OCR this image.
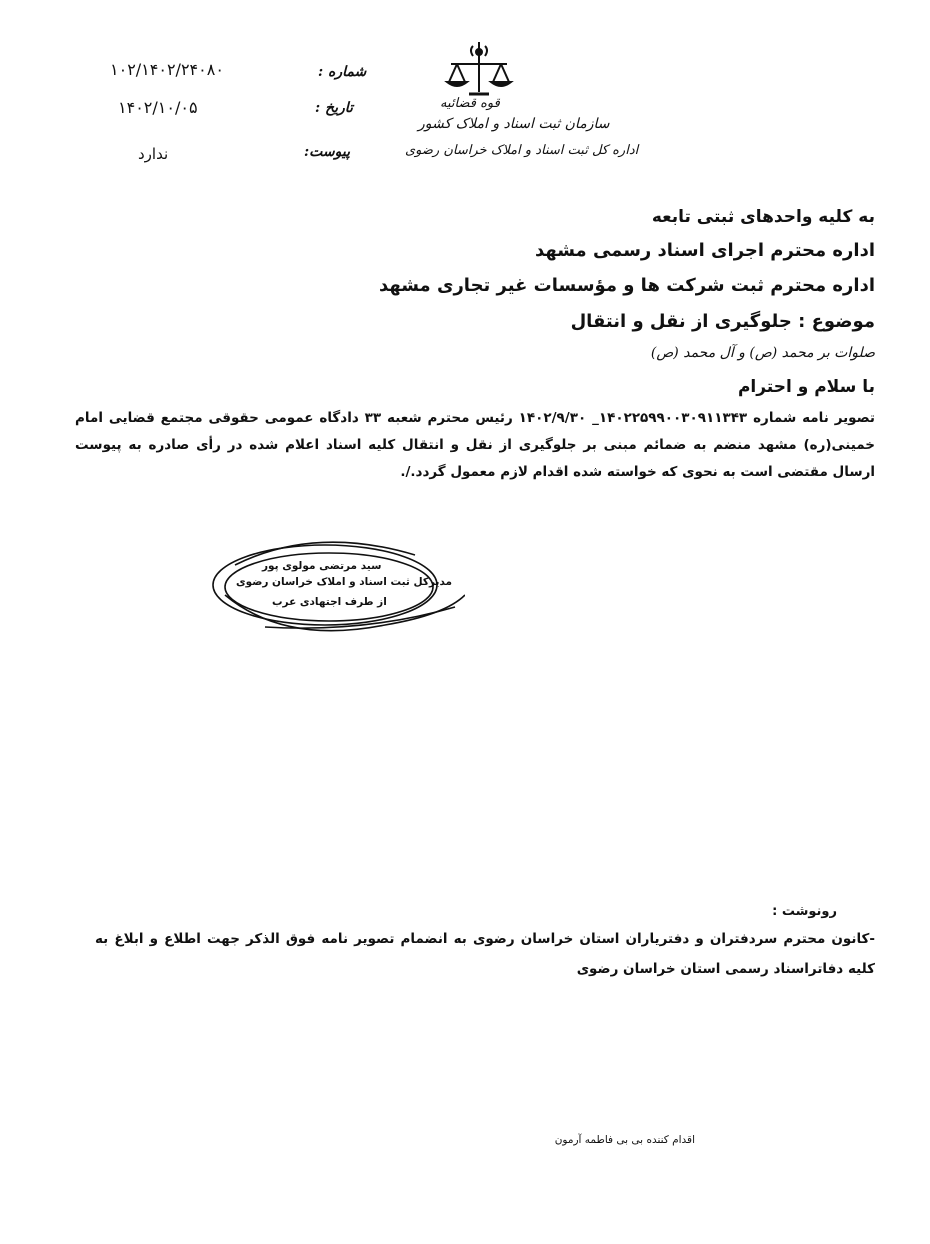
قوه قضائیه
سازمان ثبت اسناد و املاک کشور
اداره کل ثبت اسناد و املاک خراسان رضوی
شماره :
تاریخ :
پیوست:
۱۰۲/۱۴۰۲/۲۴۰۸۰
۱۴۰۲/۱۰/۰۵
ندارد
به کلیه واحدهای ثبتی تابعه
اداره محترم اجرای اسناد رسمی مشهد
اداره محترم ثبت شرکت ها و مؤسسات غیر تجاری مشهد
موضوع : جلوگیری از نقل و انتقال
صلوات بر محمد (ص) و آل محمد (ص)
با سلام و احترام
تصویر نامه شماره ۱۴۰۲۲۵۹۹۰۰۳۰۹۱۱۳۴۳_ ۱۴۰۲/۹/۳۰ رئیس محترم شعبه ۳۳ دادگاه عمومی حقوقی مجتمع قضایی امام خمینی(ره) مشهد منضم به ضمائم مبنی بر جلوگیری از نقل و انتقال کلیه اسناد اعلام شده در رأی صادره به پیوست ارسال مقتضی است به نحوی که خواسته شده اقدام لازم معمول گردد./.
سید مرتضی مولوی پور
مدیرکل ثبت اسناد و املاک خراسان رضوی
از طرف اجتهادی عرب
رونوشت :
-کانون محترم سردفتران و دفتریاران استان خراسان رضوی به انضمام تصویر نامه فوق الذکر جهت اطلاع و ابلاغ به کلیه دفاتراسناد رسمی استان خراسان رضوی
اقدام کننده بی بی فاطمه آرمون
